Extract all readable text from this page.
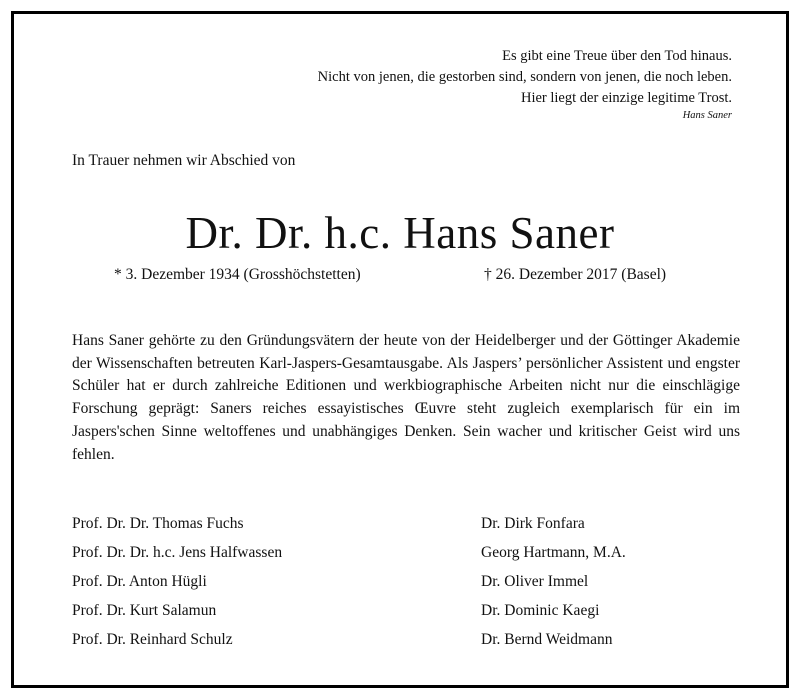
Es gibt eine Treue über den Tod hinaus.
Nicht von jenen, die gestorben sind, sondern von jenen, die noch leben.
Hier liegt der einzige legitime Trost.
Hans Saner
In Trauer nehmen wir Abschied von
Dr. Dr. h.c. Hans Saner
* 3. Dezember 1934 (Grosshöchstetten)	† 26. Dezember 2017 (Basel)
Hans Saner gehörte zu den Gründungsvätern der heute von der Heidelberger und der Göttinger Akademie der Wissenschaften betreuten Karl-Jaspers-Gesamtausgabe. Als Jaspers’ persönlicher Assistent und engster Schüler hat er durch zahlreiche Editionen und werkbiographische Arbeiten nicht nur die einschlägige Forschung geprägt: Saners reiches essayistisches Œuvre steht zugleich exemplarisch für ein im Jaspers'schen Sinne weltoffenes und unabhängiges Denken. Sein wacher und kritischer Geist wird uns fehlen.
Prof. Dr. Dr. Thomas Fuchs
Prof. Dr. Dr. h.c. Jens Halfwassen
Prof. Dr. Anton Hügli
Prof. Dr. Kurt Salamun
Prof. Dr. Reinhard Schulz
Dr. Dirk Fonfara
Georg Hartmann, M.A.
Dr. Oliver Immel
Dr. Dominic Kaegi
Dr. Bernd Weidmann
